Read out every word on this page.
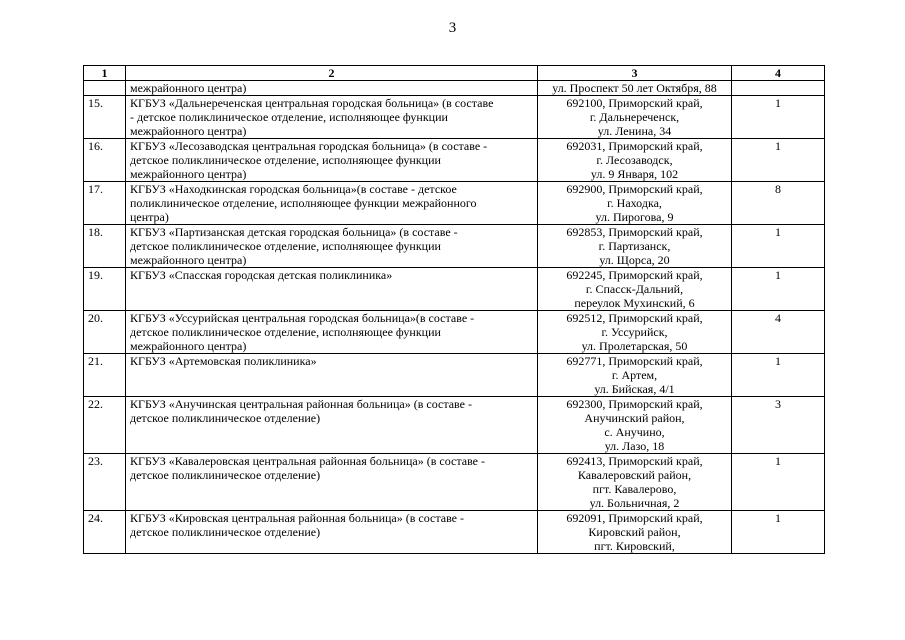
3
1	2	3	4
	межрайонного центра)	ул. Проспект 50 лет Октября, 88	
15.	КГБУЗ «Дальнереченская центральная городская больница» (в составе
- детское поликлиническое отделение, исполняющее функции
межрайонного центра)	692100, Приморский край,
г. Дальнереченск,
ул. Ленина, 34	1
16.	КГБУЗ «Лесозаводская центральная городская больница» (в составе -
детское поликлиническое отделение, исполняющее функции
межрайонного центра)	692031, Приморский край,
г. Лесозаводск,
ул. 9 Января, 102	1
17.	КГБУЗ «Находкинская городская больница»(в составе - детское
поликлиническое отделение, исполняющее функции межрайонного
центра)	692900, Приморский край,
г. Находка,
ул. Пирогова, 9	8
18.	КГБУЗ «Партизанская детская городская больница» (в составе -
детское поликлиническое отделение, исполняющее функции
межрайонного центра)	692853, Приморский край,
г. Партизанск,
ул. Щорса, 20	1
19.	КГБУЗ «Спасская городская детская поликлиника»	692245, Приморский край,
г. Спасск-Дальний,
переулок Мухинский, 6	1
20.	КГБУЗ «Уссурийская центральная городская больница»(в составе -
детское поликлиническое отделение, исполняющее функции
межрайонного центра)	692512, Приморский край,
г. Уссурийск,
ул. Пролетарская, 50	4
21.	КГБУЗ «Артемовская поликлиника»	692771, Приморский край,
г. Артем,
ул. Бийская, 4/1	1
22.	КГБУЗ «Анучинская центральная районная больница» (в составе -
детское поликлиническое отделение)	692300, Приморский край,
Анучинский район,
с. Анучино,
ул. Лазо, 18	3
23.	КГБУЗ «Кавалеровская центральная районная больница» (в составе -
детское поликлиническое отделение)	692413, Приморский край,
Кавалеровский район,
пгт. Кавалерово,
ул. Больничная, 2	1
24.	КГБУЗ «Кировская центральная районная больница» (в составе -
детское поликлиническое отделение)	692091, Приморский край,
Кировский район,
пгт. Кировский,	1
